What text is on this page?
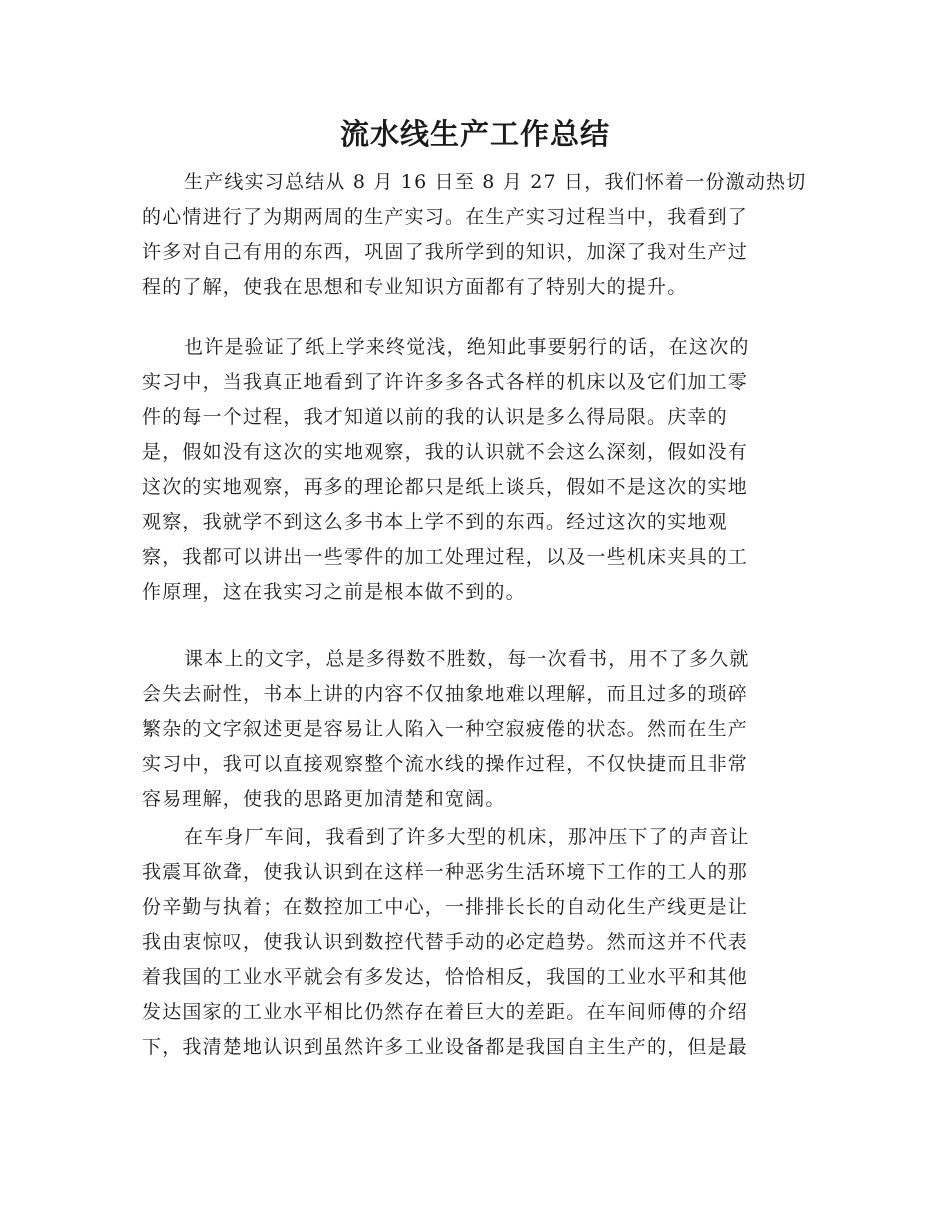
流水线生产工作总结
生产线实习总结从 8 月 16 日至 8 月 27 日，我们怀着一份激动热切
的心情进行了为期两周的生产实习。在生产实习过程当中，我看到了
许多对自己有用的东西，巩固了我所学到的知识，加深了我对生产过
程的了解，使我在思想和专业知识方面都有了特别大的提升。
也许是验证了纸上学来终觉浅，绝知此事要躬行的话，在这次的
实习中，当我真正地看到了许许多多各式各样的机床以及它们加工零
件的每一个过程，我才知道以前的我的认识是多么得局限。庆幸的
是，假如没有这次的实地观察，我的认识就不会这么深刻，假如没有
这次的实地观察，再多的理论都只是纸上谈兵，假如不是这次的实地
观察，我就学不到这么多书本上学不到的东西。经过这次的实地观
察，我都可以讲出一些零件的加工处理过程，以及一些机床夹具的工
作原理，这在我实习之前是根本做不到的。
课本上的文字，总是多得数不胜数，每一次看书，用不了多久就
会失去耐性，书本上讲的内容不仅抽象地难以理解，而且过多的琐碎
繁杂的文字叙述更是容易让人陷入一种空寂疲倦的状态。然而在生产
实习中，我可以直接观察整个流水线的操作过程，不仅快捷而且非常
容易理解，使我的思路更加清楚和宽阔。
在车身厂车间，我看到了许多大型的机床，那冲压下了的声音让
我震耳欲聋，使我认识到在这样一种恶劣生活环境下工作的工人的那
份辛勤与执着；在数控加工中心，一排排长长的自动化生产线更是让
我由衷惊叹，使我认识到数控代替手动的必定趋势。然而这并不代表
着我国的工业水平就会有多发达，恰恰相反，我国的工业水平和其他
发达国家的工业水平相比仍然存在着巨大的差距。在车间师傅的介绍
下，我清楚地认识到虽然许多工业设备都是我国自主生产的，但是最
